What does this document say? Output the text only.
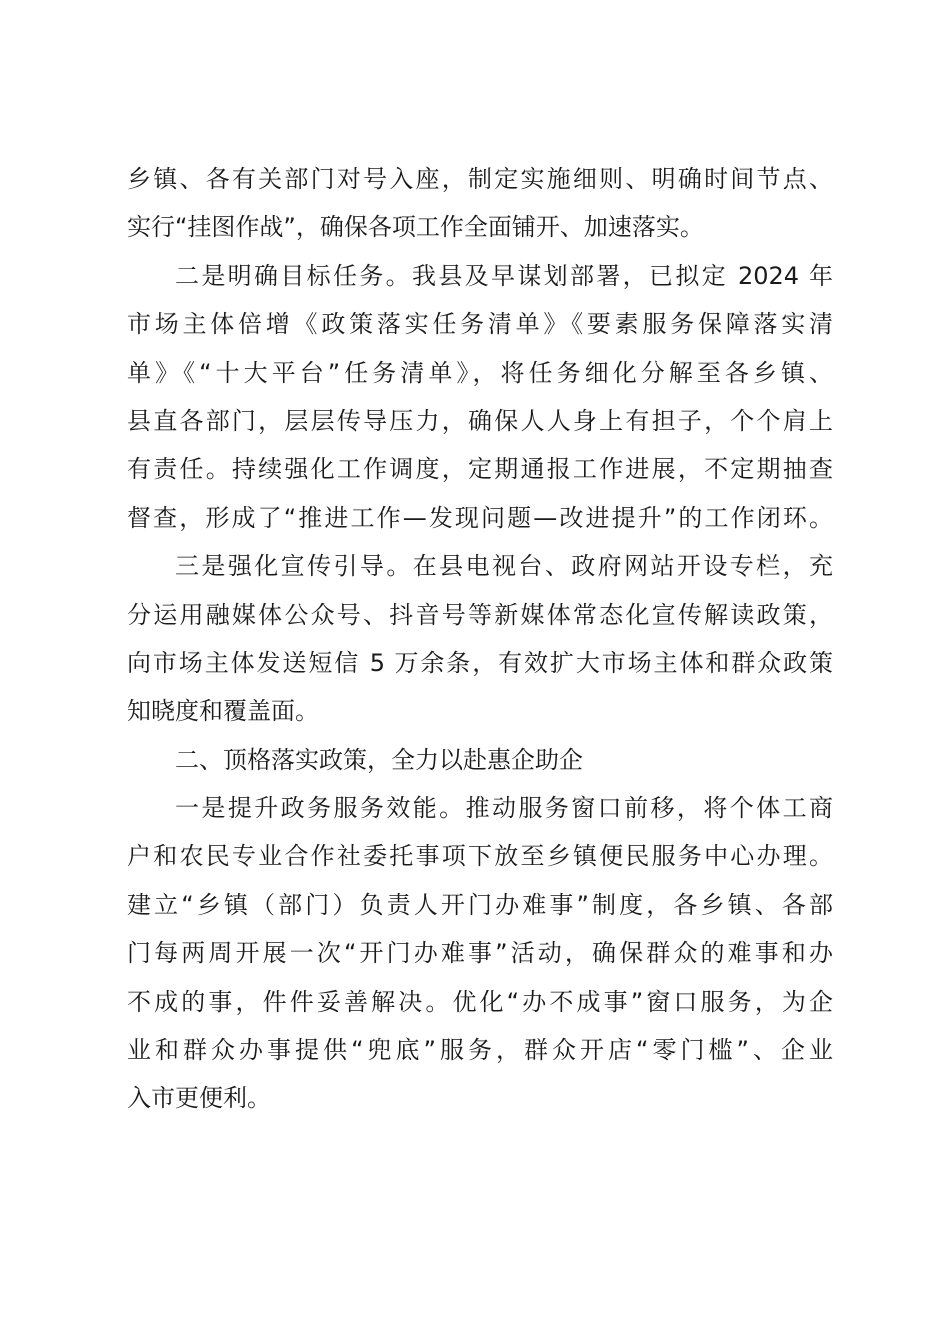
乡镇、各有关部门对号入座，制定实施细则、明确时间节点、
实行“挂图作战”，确保各项工作全面铺开、加速落实。
二是明确目标任务。我县及早谋划部署，已拟定 2024 年
市场主体倍增《政策落实任务清单》《要素服务保障落实清
单》《“十大平台”任务清单》，将任务细化分解至各乡镇、
县直各部门，层层传导压力，确保人人身上有担子，个个肩上
有责任。持续强化工作调度，定期通报工作进展，不定期抽查
督查，形成了“推进工作—发现问题—改进提升”的工作闭环。
三是强化宣传引导。在县电视台、政府网站开设专栏，充
分运用融媒体公众号、抖音号等新媒体常态化宣传解读政策，
向市场主体发送短信 5 万余条，有效扩大市场主体和群众政策
知晓度和覆盖面。
二、顶格落实政策，全力以赴惠企助企
一是提升政务服务效能。推动服务窗口前移，将个体工商
户和农民专业合作社委托事项下放至乡镇便民服务中心办理。
建立“乡镇（部门）负责人开门办难事”制度，各乡镇、各部
门每两周开展一次“开门办难事”活动，确保群众的难事和办
不成的事，件件妥善解决。优化“办不成事”窗口服务，为企
业和群众办事提供“兜底”服务，群众开店“零门槛”、企业
入市更便利。
